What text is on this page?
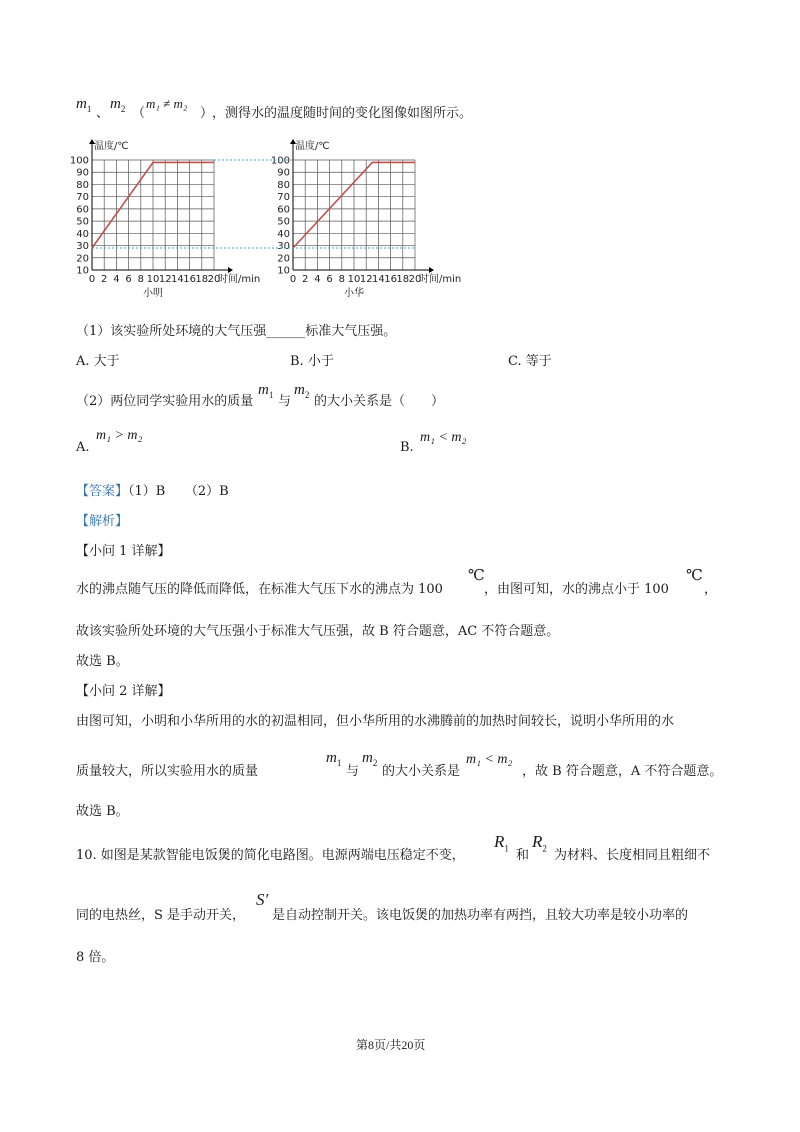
$m_1$ 、
$m_2$ （
m₁ ≠ m₂
）
，测得水的温度随时间的变化图像如图所示。
10
20
30
40
50
60
70
80
90
100
0 2 4 6 8 10 12 14 16 18 20
温度/℃
时间/min
小明
10
20
30
40
50
60
70
80
90
100
0 2 4 6 8 10 12 14 16 18 20
温度/℃
时间/min
小华
（1）该实验所处环境的大气压强______标准大气压强。
A. 大于	B. 小于	C. 等于
（2）两位同学实验用水的质量
$m_1$ 与
$m_2$ 的大小关系是（　　）
A.
m₁ > m₂
B.
m₁ < m₂
【答案】（1）B　　（2）B
【解析】
【小问 1 详解】
水的沸点随气压的降低而降低，在标准大气压下水的沸点为 100
℃
，由图可知，水的沸点小于 100
℃
，
故该实验所处环境的大气压强小于标准大气压强，故 B 符合题意，AC 不符合题意。
故选 B。
【小问 2 详解】
由图可知，小明和小华所用的水的初温相同，但小华所用的水沸腾前的加热时间较长，说明小华所用的水
质量较大，所以实验用水的质量
$m_1$
与
$m_2$
的大小关系是
m₁ < m₂
，故 B 符合题意，A 不符合题意。
故选 B。
10. 如图是某款智能电饭煲的简化电路图。电源两端电压稳定不变，
$R_1$ 和
$R_2$ 为材料、长度相同且粗细不
同的电热丝，S 是手动开关，
S′
是自动控制开关。该电饭煲的加热功率有两挡，且较大功率是较小功率的
8 倍。
第8页/共20页
